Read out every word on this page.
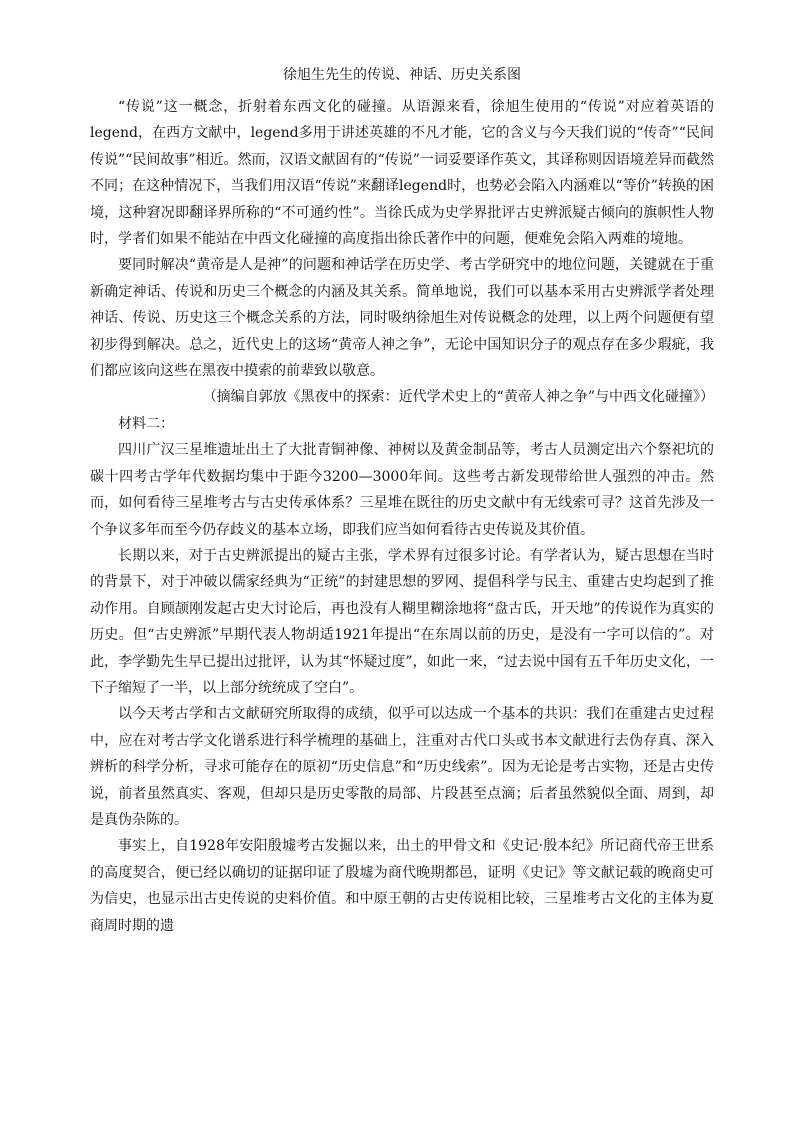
徐旭生先生的传说、神话、历史关系图

“传说”这一概念，折射着东西文化的碰撞。从语源来看，徐旭生使用的“传说”对应着英语的legend，在西方文献中，legend多用于讲述英雄的不凡才能，它的含义与今天我们说的“传奇”“民间传说”“民间故事”相近。然而，汉语文献固有的“传说”一词妥要译作英文，其译称则因语境差异而截然不同；在这种情况下，当我们用汉语“传说”来翻译legend时，也势必会陷入内涵难以“等价”转换的困境，这种窘况即翻译界所称的“不可通约性”。当徐氏成为史学界批评古史辨派疑古倾向的旗帜性人物时，学者们如果不能站在中西文化碰撞的高度指出徐氏著作中的问题，便难免会陷入两难的境地。

要同时解决“黄帝是人是神”的问题和神话学在历史学、考古学研究中的地位问题，关键就在于重新确定神话、传说和历史三个概念的内涵及其关系。简单地说，我们可以基本采用古史辨派学者处理神话、传说、历史这三个概念关系的方法，同时吸纳徐旭生对传说概念的处理，以上两个问题便有望初步得到解决。总之，近代史上的这场“黄帝人神之争”，无论中国知识分子的观点存在多少瑕疵，我们都应该向这些在黑夜中摸索的前辈致以敬意。

（摘编自郭放《黑夜中的探索：近代学术史上的“黄帝人神之争”与中西文化碰撞》）

材料二：

四川广汉三星堆遗址出土了大批青铜神像、神树以及黄金制品等，考古人员测定出六个祭祀坑的碳十四考古学年代数据均集中于距今3200—3000年间。这些考古新发现带给世人强烈的冲击。然而，如何看待三星堆考古与古史传承体系？三星堆在既往的历史文献中有无线索可寻？这首先涉及一个争议多年而至今仍存歧义的基本立场，即我们应当如何看待古史传说及其价值。

长期以来，对于古史辨派提出的疑古主张，学术界有过很多讨论。有学者认为，疑古思想在当时的背景下，对于冲破以儒家经典为“正统”的封建思想的罗网、提倡科学与民主、重建古史均起到了推动作用。自顾颉刚发起古史大讨论后，再也没有人糊里糊涂地将“盘古氏，开天地”的传说作为真实的历史。但“古史辨派”早期代表人物胡适1921年提出“在东周以前的历史，是没有一字可以信的”。对此，李学勤先生早已提出过批评，认为其“怀疑过度”，如此一来，“过去说中国有五千年历史文化，一下子缩短了一半，以上部分统统成了空白”。

以今天考古学和古文献研究所取得的成绩，似乎可以达成一个基本的共识：我们在重建古史过程中，应在对考古学文化谱系进行科学梳理的基础上，注重对古代口头或书本文献进行去伪存真、深入辨析的科学分析，寻求可能存在的原初“历史信息”和“历史线索”。因为无论是考古实物，还是古史传说，前者虽然真实、客观，但却只是历史零散的局部、片段甚至点滴；后者虽然貌似全面、周到，却是真伪杂陈的。

事实上，自1928年安阳殷墟考古发掘以来，出土的甲骨文和《史记·殷本纪》所记商代帝王世系的高度契合，便已经以确切的证据印证了殷墟为商代晚期都邑，证明《史记》等文献记载的晚商史可为信史，也显示出古史传说的史料价值。和中原王朝的古史传说相比较，三星堆考古文化的主体为夏商周时期的遗
